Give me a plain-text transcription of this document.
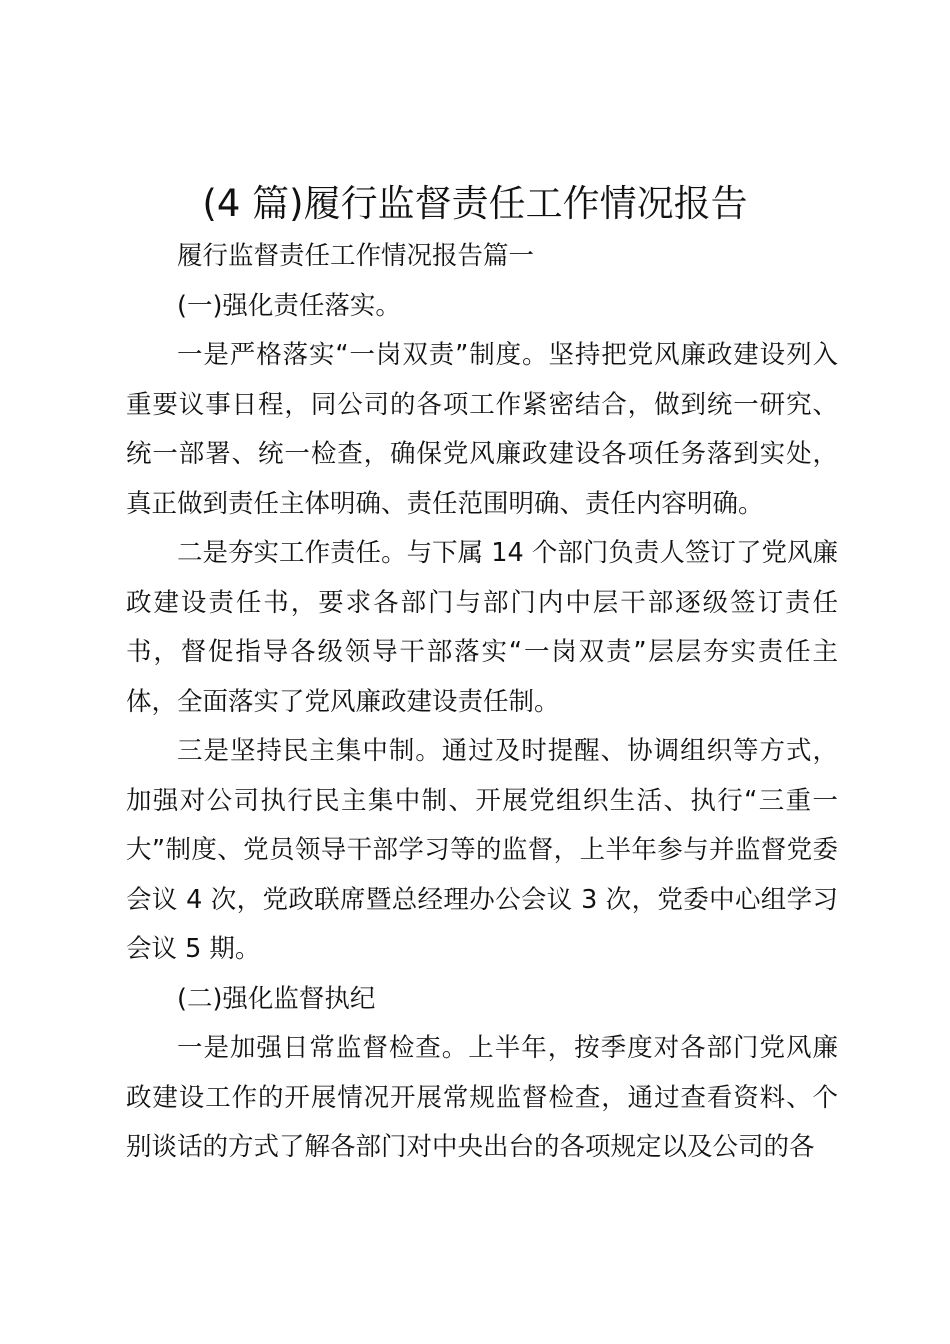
(4 篇)履行监督责任工作情况报告

履行监督责任工作情况报告篇一

(一)强化责任落实。

一是严格落实“一岗双责”制度。坚持把党风廉政建设列入重要议事日程，同公司的各项工作紧密结合，做到统一研究、统一部署、统一检查，确保党风廉政建设各项任务落到实处，真正做到责任主体明确、责任范围明确、责任内容明确。

二是夯实工作责任。与下属 14 个部门负责人签订了党风廉政建设责任书，要求各部门与部门内中层干部逐级签订责任书，督促指导各级领导干部落实“一岗双责”层层夯实责任主体，全面落实了党风廉政建设责任制。

三是坚持民主集中制。通过及时提醒、协调组织等方式，加强对公司执行民主集中制、开展党组织生活、执行“三重一大”制度、党员领导干部学习等的监督，上半年参与并监督党委会议 4 次，党政联席暨总经理办公会议 3 次，党委中心组学习会议 5 期。

(二)强化监督执纪

一是加强日常监督检查。上半年，按季度对各部门党风廉政建设工作的开展情况开展常规监督检查，通过查看资料、个别谈话的方式了解各部门对中央出台的各项规定以及公司的各
